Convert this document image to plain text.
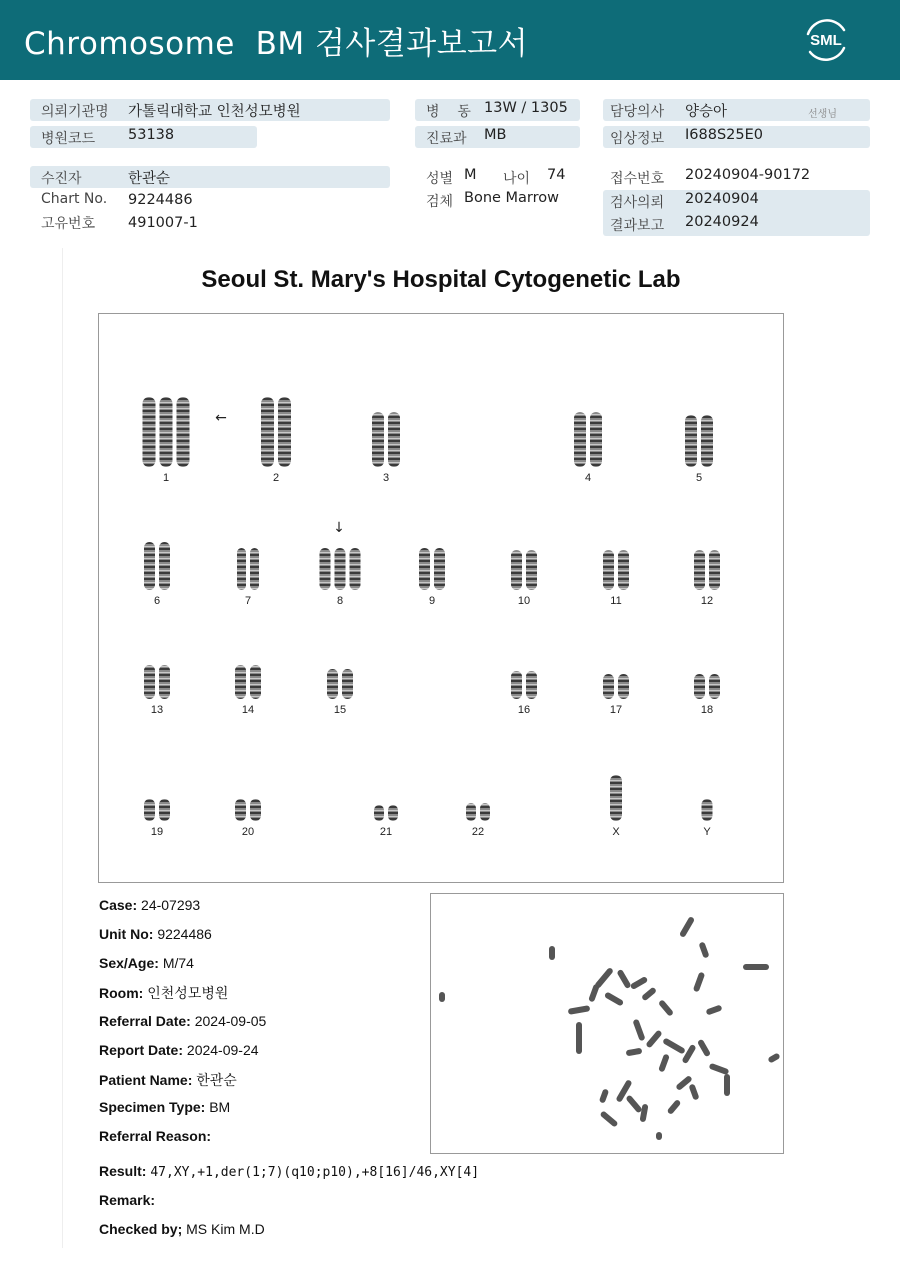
Chromosome  BM 검사결과보고서	SML
의뢰기관명 가톨릭대학교 인천성모병원
병원코드 53138
수진자	한관순
Chart No. 9224486
고유번호 491007-1
병    동 13W / 1305
진료과 MB
성별 M 나이 74
검체 Bone Marrow
담당의사 양승아	선생님
임상정보 I688S25E0
접수번호 20240904-90172
검사의뢰 20240904
결과보고 20240924
Seoul St. Mary's Hospital Cytogenetic Lab
1	2	3	4	5
6	7	8	9	10	11	12
13	14	15	16	17	18
19	20	21	22	X	Y
←
↓
Case: 24-07293
Unit No: 9224486
Sex/Age: M/74
Room: 인천성모병원
Referral Date: 2024-09-05
Report Date: 2024-09-24
Patient Name: 한관순
Specimen Type: BM
Referral Reason:
Result: 47,XY,+1,der(1;7)(q10;p10),+8[16]/46,XY[4]
Remark:
Checked by; MS Kim M.D
